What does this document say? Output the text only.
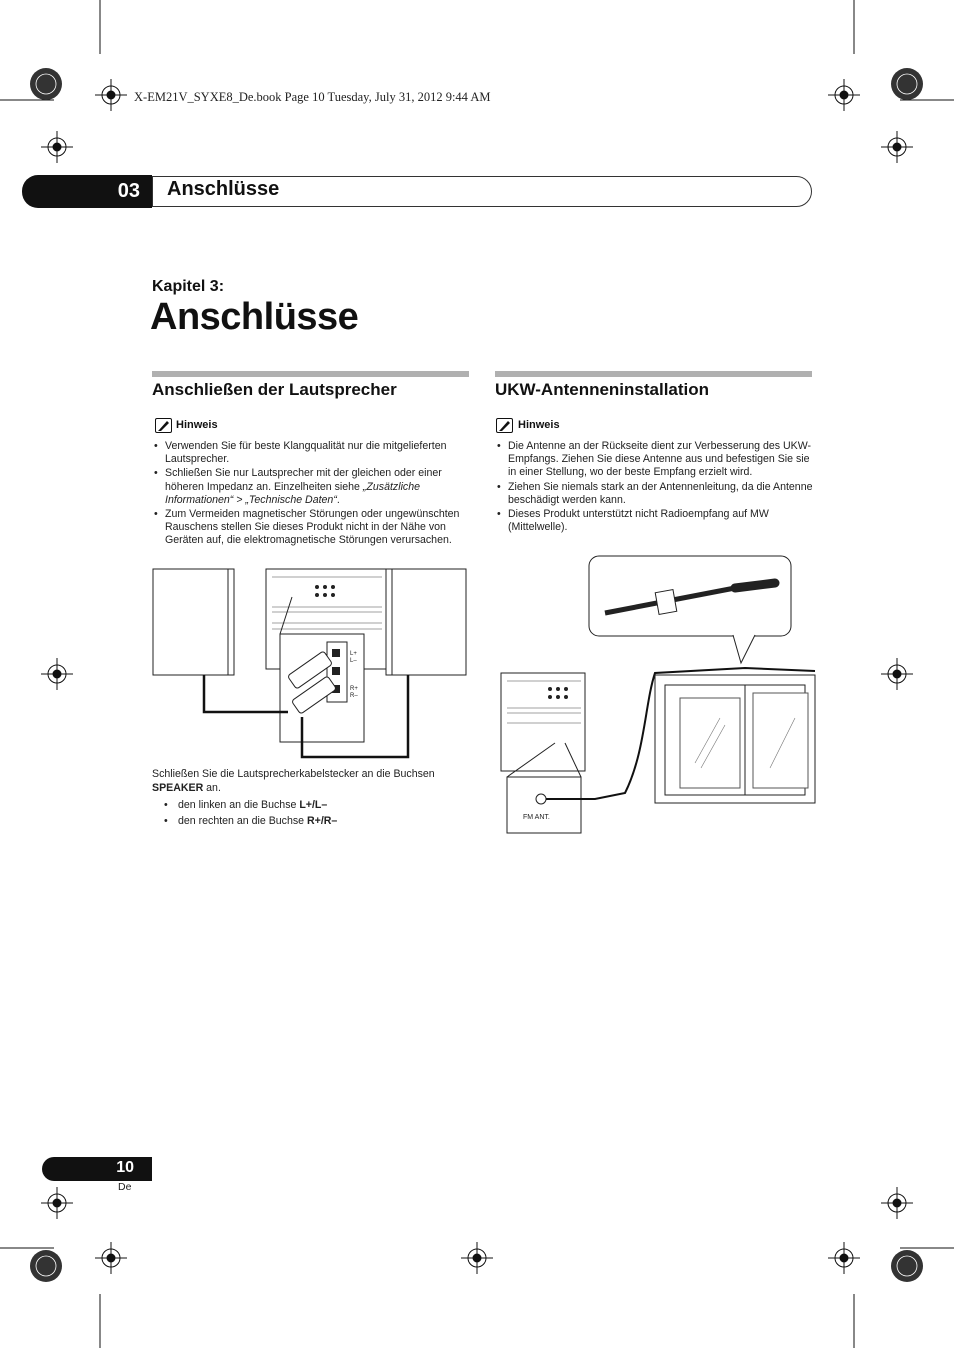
X-EM21V_SYXE8_De.book Page 10 Tuesday, July 31, 2012 9:44 AM
03 Anschlüsse
Kapitel 3:
Anschlüsse
Anschließen der Lautsprecher
Hinweis
• Verwenden Sie für beste Klangqualität nur die mitgelieferten Lautsprecher.
• Schließen Sie nur Lautsprecher mit der gleichen oder einer höheren Impedanz an. Einzelheiten siehe „Zusätzliche Informationen“ > „Technische Daten“.
• Zum Vermeiden magnetischer Störungen oder ungewünschten Rauschens stellen Sie dieses Produkt nicht in der Nähe von Geräten auf, die elektromagnetische Störungen verursachen.
L+
L–
R+
R–
Schließen Sie die Lautsprecherkabelstecker an die Buchsen SPEAKER an.
• den linken an die Buchse L+/L–
• den rechten an die Buchse R+/R–
UKW-Antenneninstallation
Hinweis
• Die Antenne an der Rückseite dient zur Verbesserung des UKW-Empfangs. Ziehen Sie diese Antenne aus und befestigen Sie sie in einer Stellung, wo der beste Empfang erzielt wird.
• Ziehen Sie niemals stark an der Antennenleitung, da die Antenne beschädigt werden kann.
• Dieses Produkt unterstützt nicht Radioempfang auf MW (Mittelwelle).
FM ANT.
10
De
